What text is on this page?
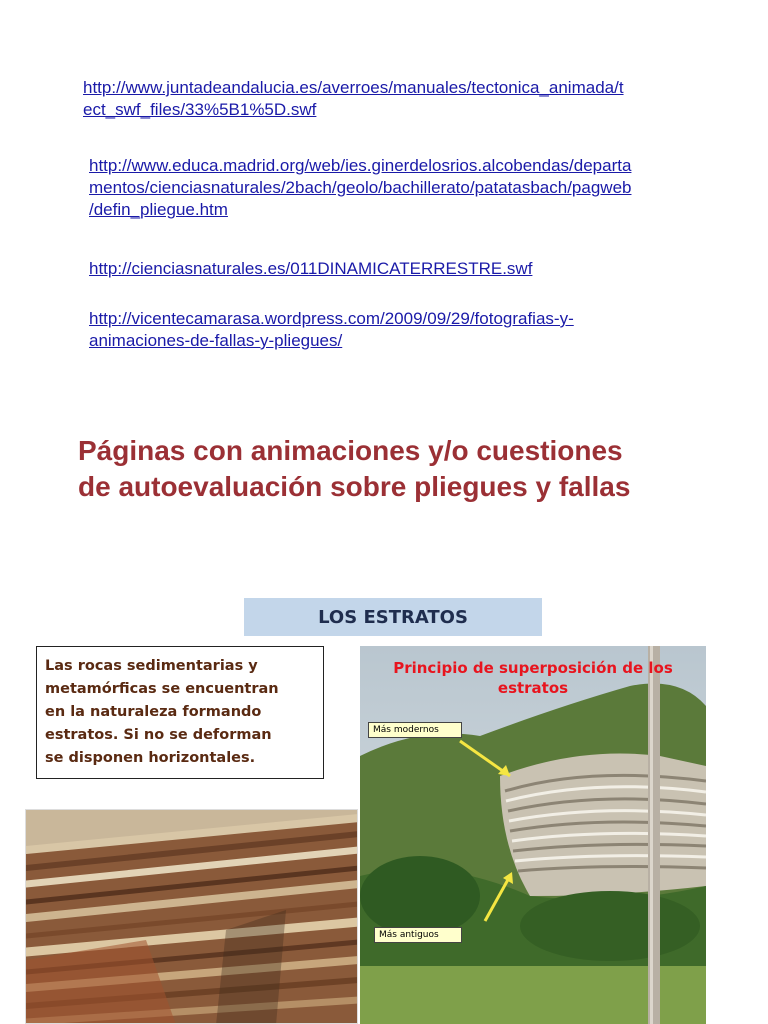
http://www.juntadeandalucia.es/averroes/manuales/tectonica_animada/t
ect_swf_files/33%5B1%5D.swf
http://www.educa.madrid.org/web/ies.ginerdelosrios.alcobendas/departa
mentos/cienciasnaturales/2bach/geolo/bachillerato/patatasbach/pagweb
/defin_pliegue.htm
http://cienciasnaturales.es/011DINAMICATERRESTRE.swf
http://vicentecamarasa.wordpress.com/2009/09/29/fotografias-y-
animaciones-de-fallas-y-pliegues/
Páginas con animaciones y/o cuestiones
de autoevaluación sobre pliegues y fallas
LOS ESTRATOS
Las rocas sedimentarias y
metamórficas se encuentran
en la naturaleza formando
estratos. Si no se deforman
se disponen horizontales.
Principio de superposición de los
estratos
Más modernos
Más antiguos
